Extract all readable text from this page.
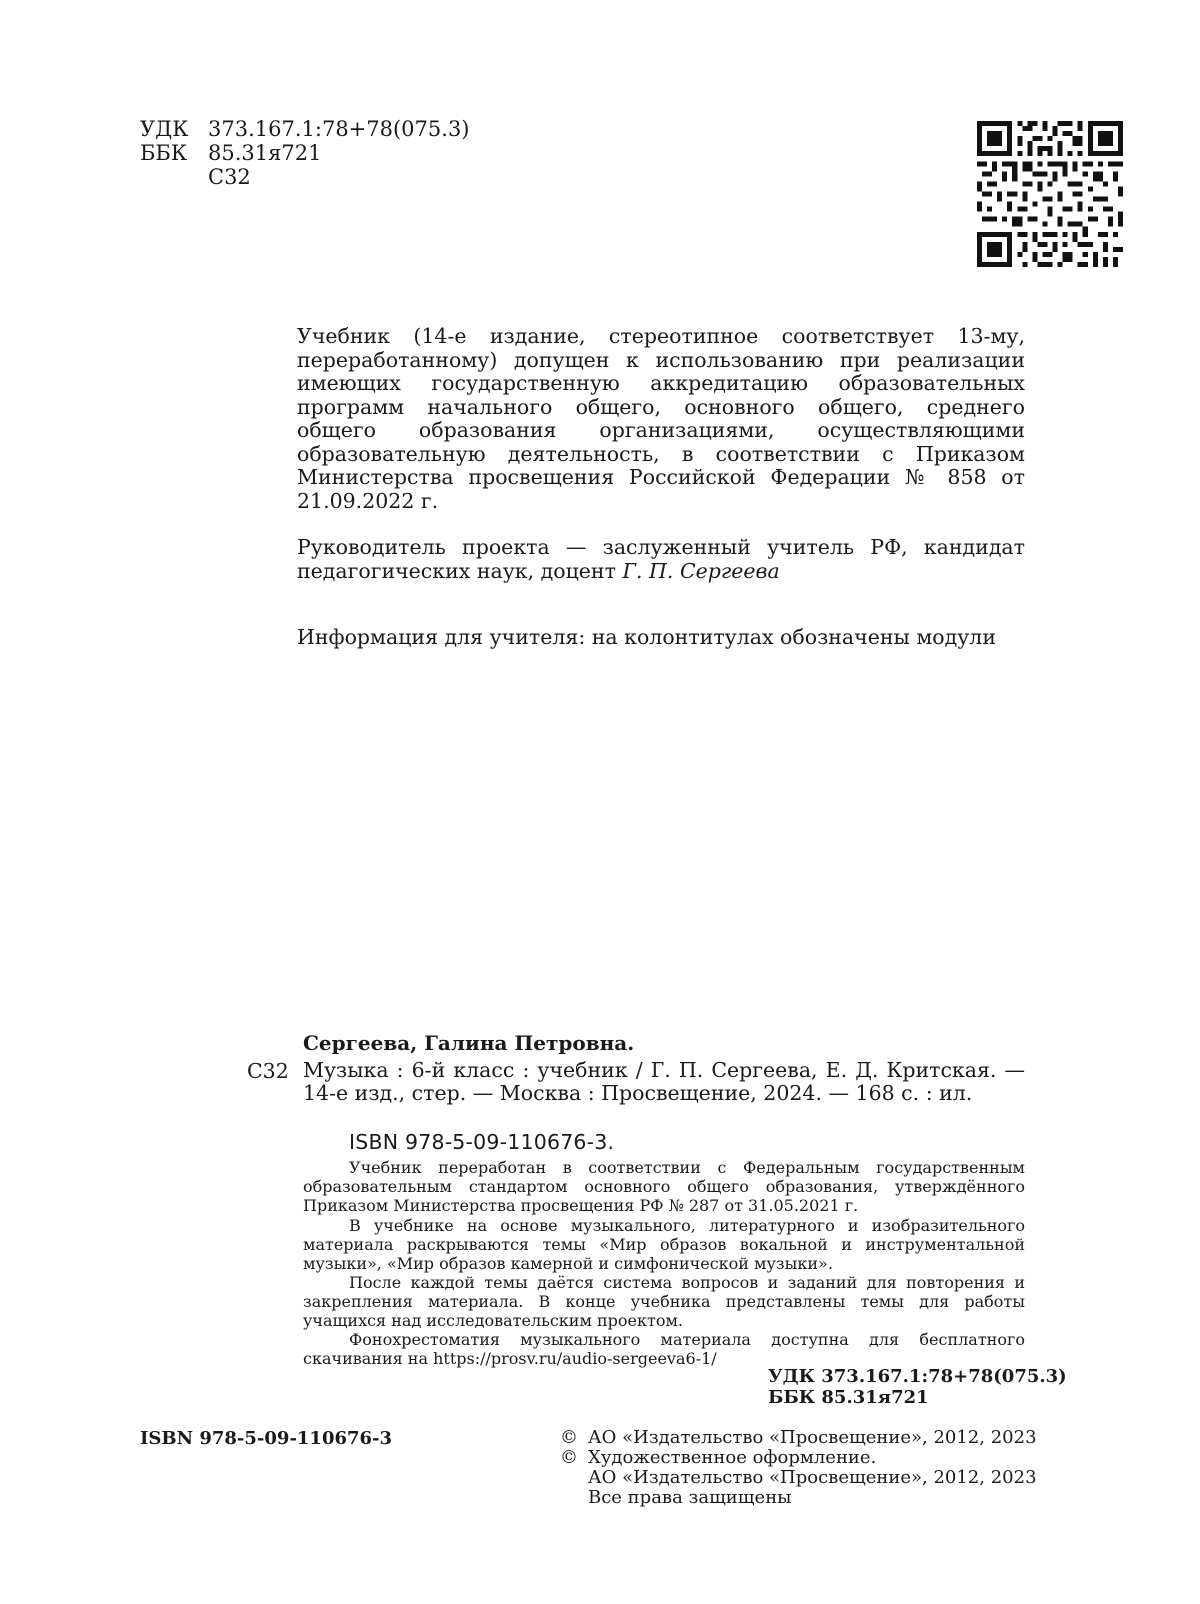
УДК 373.167.1:78+78(075.3)
ББК 85.31я721
С32
Учебник (14-е издание, стереотипное соответствует 13-му, переработанному) допущен к использованию при реализации имеющих государственную аккредитацию образовательных программ начального общего, основного общего, среднего общего образования организациями, осуществляющими образовательную деятельность, в соответствии с Приказом Министерства просвещения Российской Федерации № 858 от 21.09.2022 г.
Руководитель проекта — заслуженный учитель РФ, кандидат педагогических наук, доцент Г. П. Сергеева
Информация для учителя: на колонтитулах обозначены модули
Сергеева, Галина Петровна.
С32 Музыка : 6-й класс : учебник / Г. П. Сергеева, Е. Д. Критская. — 14-е изд., стер. — Москва : Просвещение, 2024. — 168 с. : ил.
ISBN 978-5-09-110676-3.
Учебник переработан в соответствии с Федеральным государственным образовательным стандартом основного общего образования, утверждённого Приказом Министерства просвещения РФ № 287 от 31.05.2021 г.
В учебнике на основе музыкального, литературного и изобразительного материала раскрываются темы «Мир образов вокальной и инструментальной музыки», «Мир образов камерной и симфонической музыки».
После каждой темы даётся система вопросов и заданий для повторения и закрепления материала. В конце учебника представлены темы для работы учащихся над исследовательским проектом.
Фонохрестоматия музыкального материала доступна для бесплатного скачивания на https://prosv.ru/audio-sergeeva6-1/
УДК 373.167.1:78+78(075.3)
ББК 85.31я721
ISBN 978-5-09-110676-3	© АО «Издательство «Просвещение», 2012, 2023
© Художественное оформление.
АО «Издательство «Просвещение», 2012, 2023
Все права защищены
